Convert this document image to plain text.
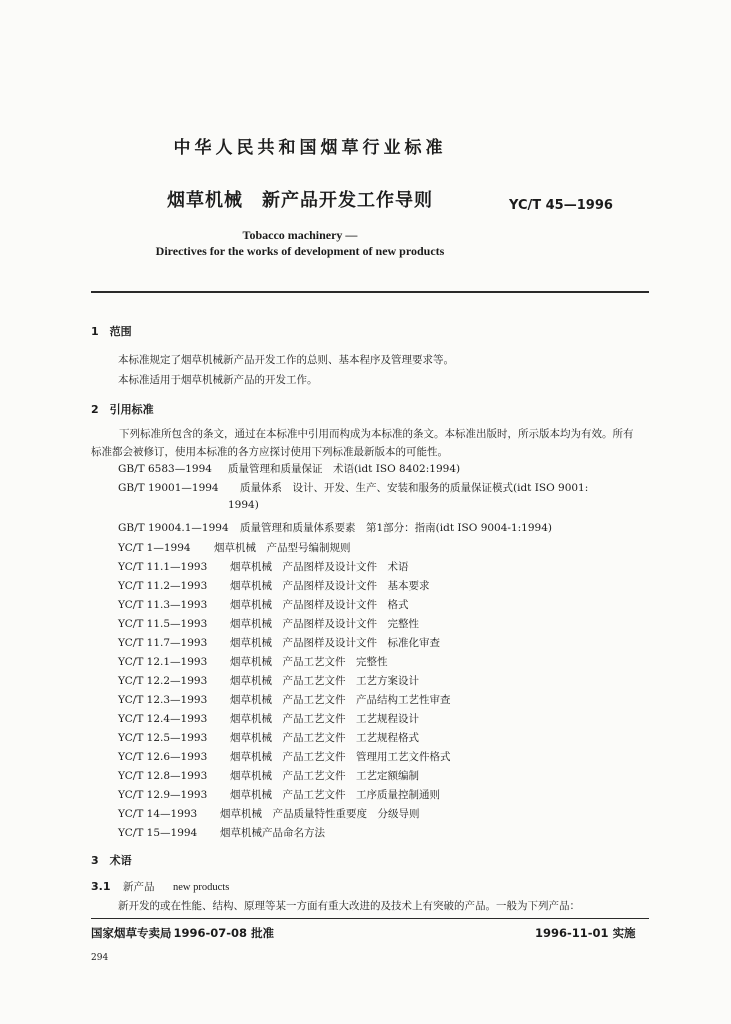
中华人民共和国烟草行业标准
烟草机械　新产品开发工作导则	YC/T 45—1996
Tobacco machinery —
Directives for the works of development of new products
1　范围
本标准规定了烟草机械新产品开发工作的总则、基本程序及管理要求等。
本标准适用于烟草机械新产品的开发工作。
2　引用标准
下列标准所包含的条文，通过在本标准中引用而构成为本标准的条文。本标准出版时，所示版本均为有效。所有标准都会被修订，使用本标准的各方应探讨使用下列标准最新版本的可能性。
GB/T 6583—1994 质量管理和质量保证　术语(idt ISO 8402:1994)
GB/T 19001—1994 质量体系　设计、开发、生产、安装和服务的质量保证模式(idt ISO 9001:
1994)
GB/T 19004.1—1994 质量管理和质量体系要素　第1部分：指南(idt ISO 9004-1:1994)
YC/T 1—1994 烟草机械　产品型号编制规则
YC/T 11.1—1993 烟草机械　产品图样及设计文件　术语
YC/T 11.2—1993 烟草机械　产品图样及设计文件　基本要求
YC/T 11.3—1993 烟草机械　产品图样及设计文件　格式
YC/T 11.5—1993 烟草机械　产品图样及设计文件　完整性
YC/T 11.7—1993 烟草机械　产品图样及设计文件　标准化审查
YC/T 12.1—1993 烟草机械　产品工艺文件　完整性
YC/T 12.2—1993 烟草机械　产品工艺文件　工艺方案设计
YC/T 12.3—1993 烟草机械　产品工艺文件　产品结构工艺性审查
YC/T 12.4—1993 烟草机械　产品工艺文件　工艺规程设计
YC/T 12.5—1993 烟草机械　产品工艺文件　工艺规程格式
YC/T 12.6—1993 烟草机械　产品工艺文件　管理用工艺文件格式
YC/T 12.8—1993 烟草机械　产品工艺文件　工艺定额编制
YC/T 12.9—1993 烟草机械　产品工艺文件　工序质量控制通则
YC/T 14—1993 烟草机械　产品质量特性重要度　分级导则
YC/T 15—1994 烟草机械产品命名方法
3　术语
3.1 新产品 new products
新开发的或在性能、结构、原理等某一方面有重大改进的及技术上有突破的产品。一般为下列产品：
国家烟草专卖局 1996-07-08 批准	1996-11-01 实施
294
